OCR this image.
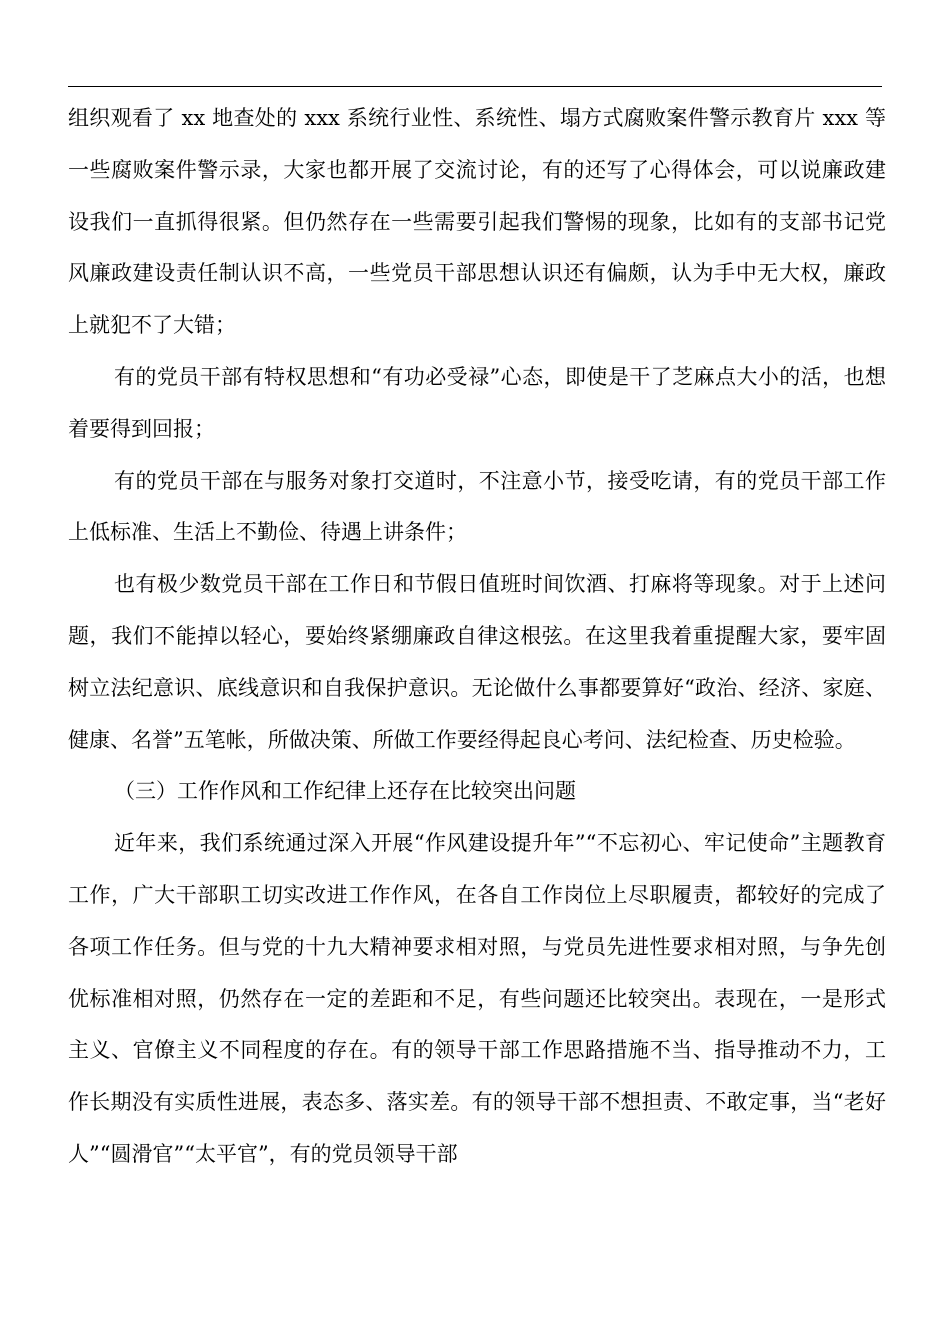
组织观看了 xx 地查处的 xxx 系统行业性、系统性、塌方式腐败案件警示教育片 xxx 等一些腐败案件警示录，大家也都开展了交流讨论，有的还写了心得体会，可以说廉政建设我们一直抓得很紧。但仍然存在一些需要引起我们警惕的现象，比如有的支部书记党风廉政建设责任制认识不高，一些党员干部思想认识还有偏颇，认为手中无大权，廉政上就犯不了大错；

有的党员干部有特权思想和“有功必受禄”心态，即使是干了芝麻点大小的活，也想着要得到回报；

有的党员干部在与服务对象打交道时，不注意小节，接受吃请，有的党员干部工作上低标准、生活上不勤俭、待遇上讲条件；

也有极少数党员干部在工作日和节假日值班时间饮酒、打麻将等现象。对于上述问题，我们不能掉以轻心，要始终紧绷廉政自律这根弦。在这里我着重提醒大家，要牢固树立法纪意识、底线意识和自我保护意识。无论做什么事都要算好“政治、经济、家庭、健康、名誉”五笔帐，所做决策、所做工作要经得起良心考问、法纪检查、历史检验。

（三）工作作风和工作纪律上还存在比较突出问题

近年来，我们系统通过深入开展“作风建设提升年”“不忘初心、牢记使命”主题教育工作，广大干部职工切实改进工作作风，在各自工作岗位上尽职履责，都较好的完成了各项工作任务。但与党的十九大精神要求相对照，与党员先进性要求相对照，与争先创优标准相对照，仍然存在一定的差距和不足，有些问题还比较突出。表现在，一是形式主义、官僚主义不同程度的存在。有的领导干部工作思路措施不当、指导推动不力，工作长期没有实质性进展，表态多、落实差。有的领导干部不想担责、不敢定事，当“老好人”“圆滑官”“太平官”，有的党员领导干部
